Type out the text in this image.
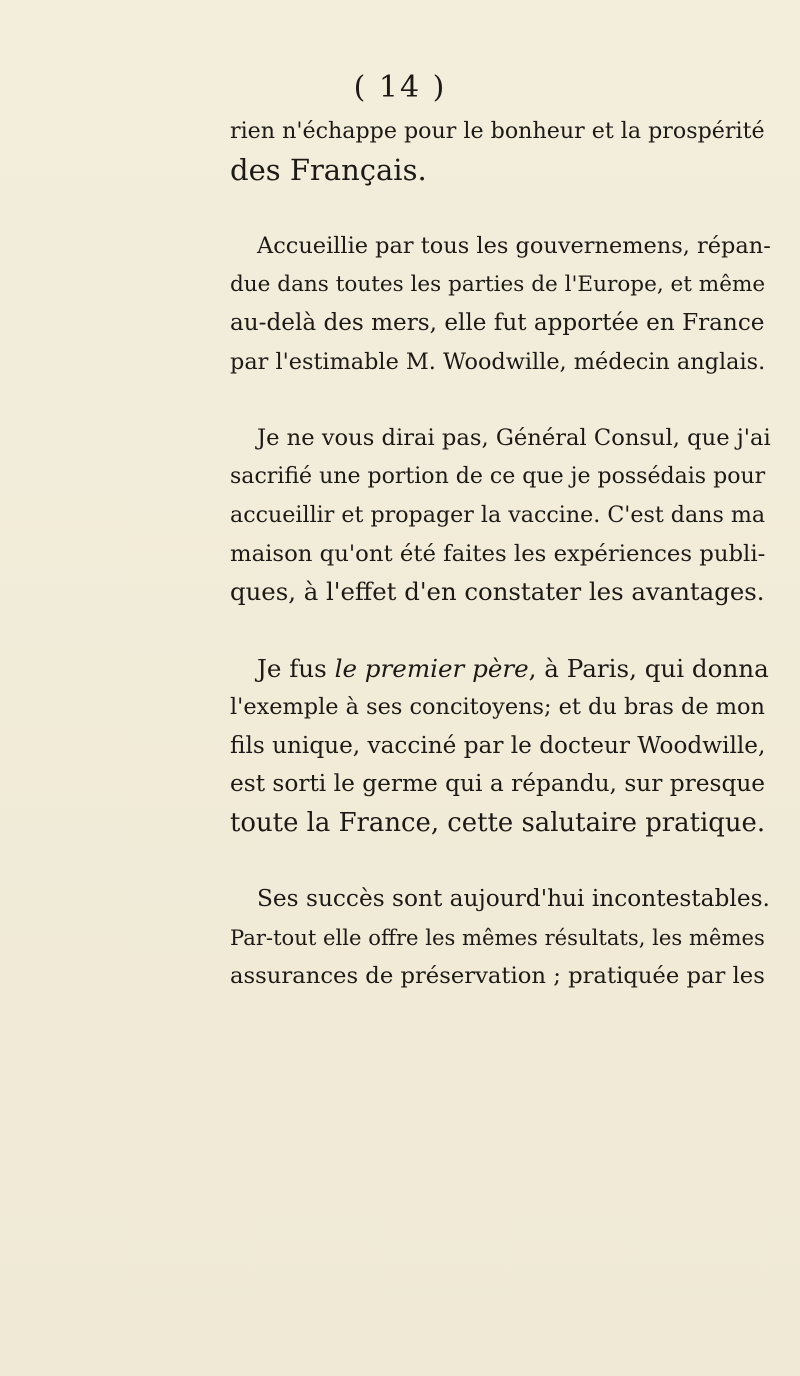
( 14 )

rien n'échappe pour le bonheur et la prospérité
des Français.
Accueillie par tous les gouvernemens, répan-
due dans toutes les parties de l'Europe, et même
au-delà des mers, elle fut apportée en France
par l'estimable M. Woodwille, médecin anglais.
Je ne vous dirai pas, Général Consul, que j'ai
sacrifié une portion de ce que je possédais pour
accueillir et propager la vaccine. C'est dans ma
maison qu'ont été faites les expériences publi-
ques, à l'effet d'en constater les avantages.
Je fus le premier père, à Paris, qui donna
l'exemple à ses concitoyens; et du bras de mon
fils unique, vacciné par le docteur Woodwille,
est sorti le germe qui a répandu, sur presque
toute la France, cette salutaire pratique.
Ses succès sont aujourd'hui incontestables.
Par-tout elle offre les mêmes résultats, les mêmes
assurances de préservation ; pratiquée par les
